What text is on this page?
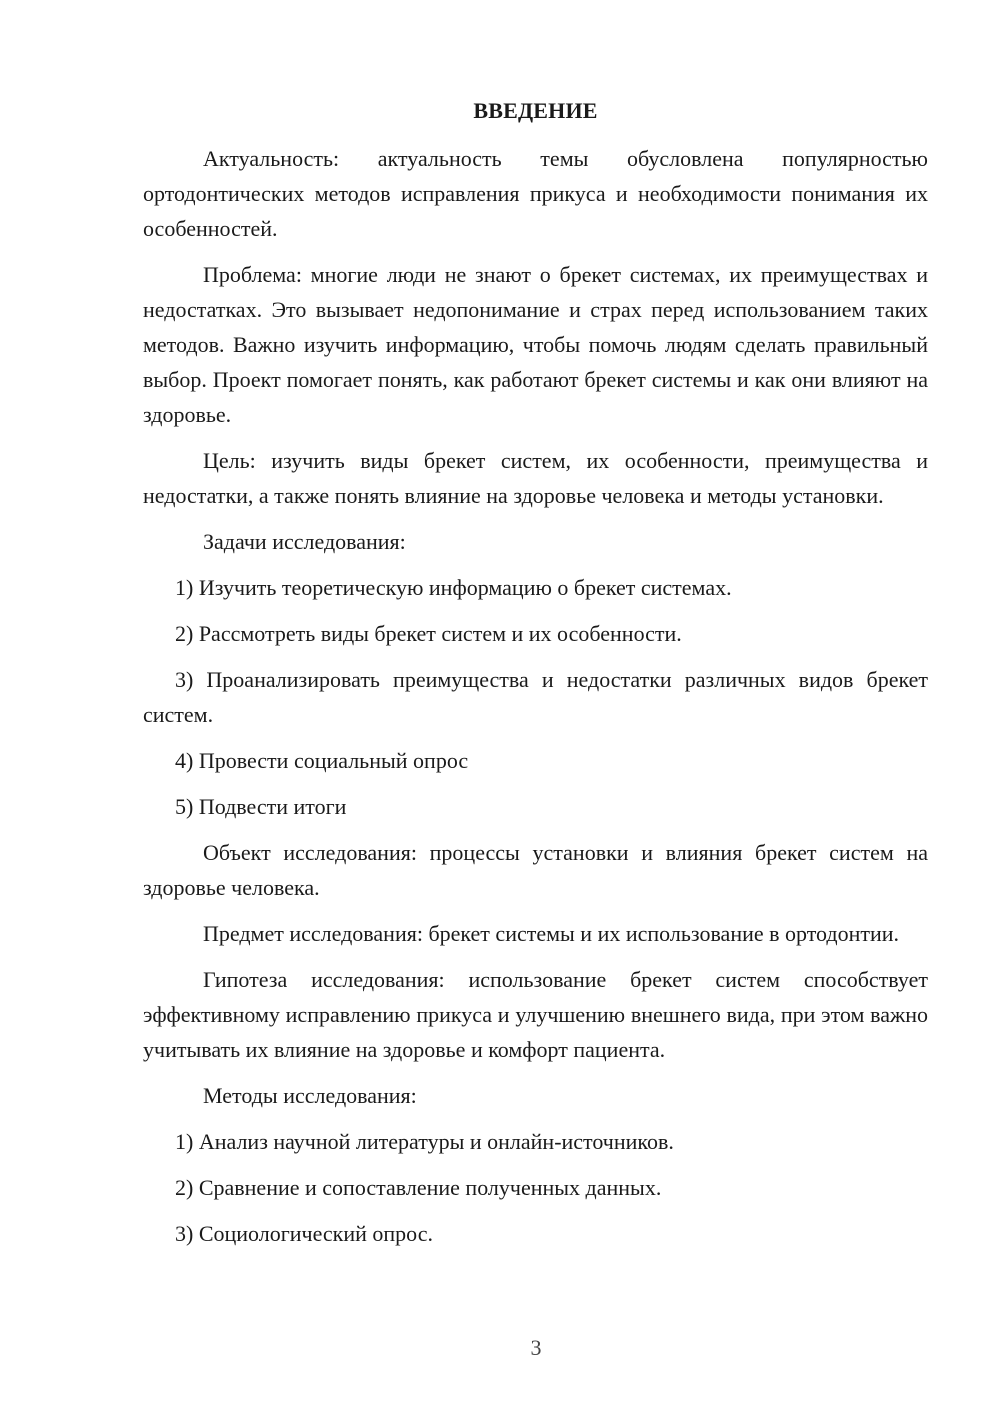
ВВЕДЕНИЕ

Актуальность: актуальность темы обусловлена популярностью ортодонтических методов исправления прикуса и необходимости понимания их особенностей.

Проблема: многие люди не знают о брекет системах, их преимуществах и недостатках. Это вызывает недопонимание и страх перед использованием таких методов. Важно изучить информацию, чтобы помочь людям сделать правильный выбор. Проект помогает понять, как работают брекет системы и как они влияют на здоровье.

Цель: изучить виды брекет систем, их особенности, преимущества и недостатки, а также понять влияние на здоровье человека и методы установки.

Задачи исследования:

1) Изучить теоретическую информацию о брекет системах.

2) Рассмотреть виды брекет систем и их особенности.

3) Проанализировать преимущества и недостатки различных видов брекет систем.

4) Провести социальный опрос

5) Подвести итоги

Объект исследования: процессы установки и влияния брекет систем на здоровье человека.

Предмет исследования: брекет системы и их использование в ортодонтии.

Гипотеза исследования: использование брекет систем способствует эффективному исправлению прикуса и улучшению внешнего вида, при этом важно учитывать их влияние на здоровье и комфорт пациента.

Методы исследования:

1) Анализ научной литературы и онлайн-источников.

2) Сравнение и сопоставление полученных данных.

3) Социологический опрос.

3
